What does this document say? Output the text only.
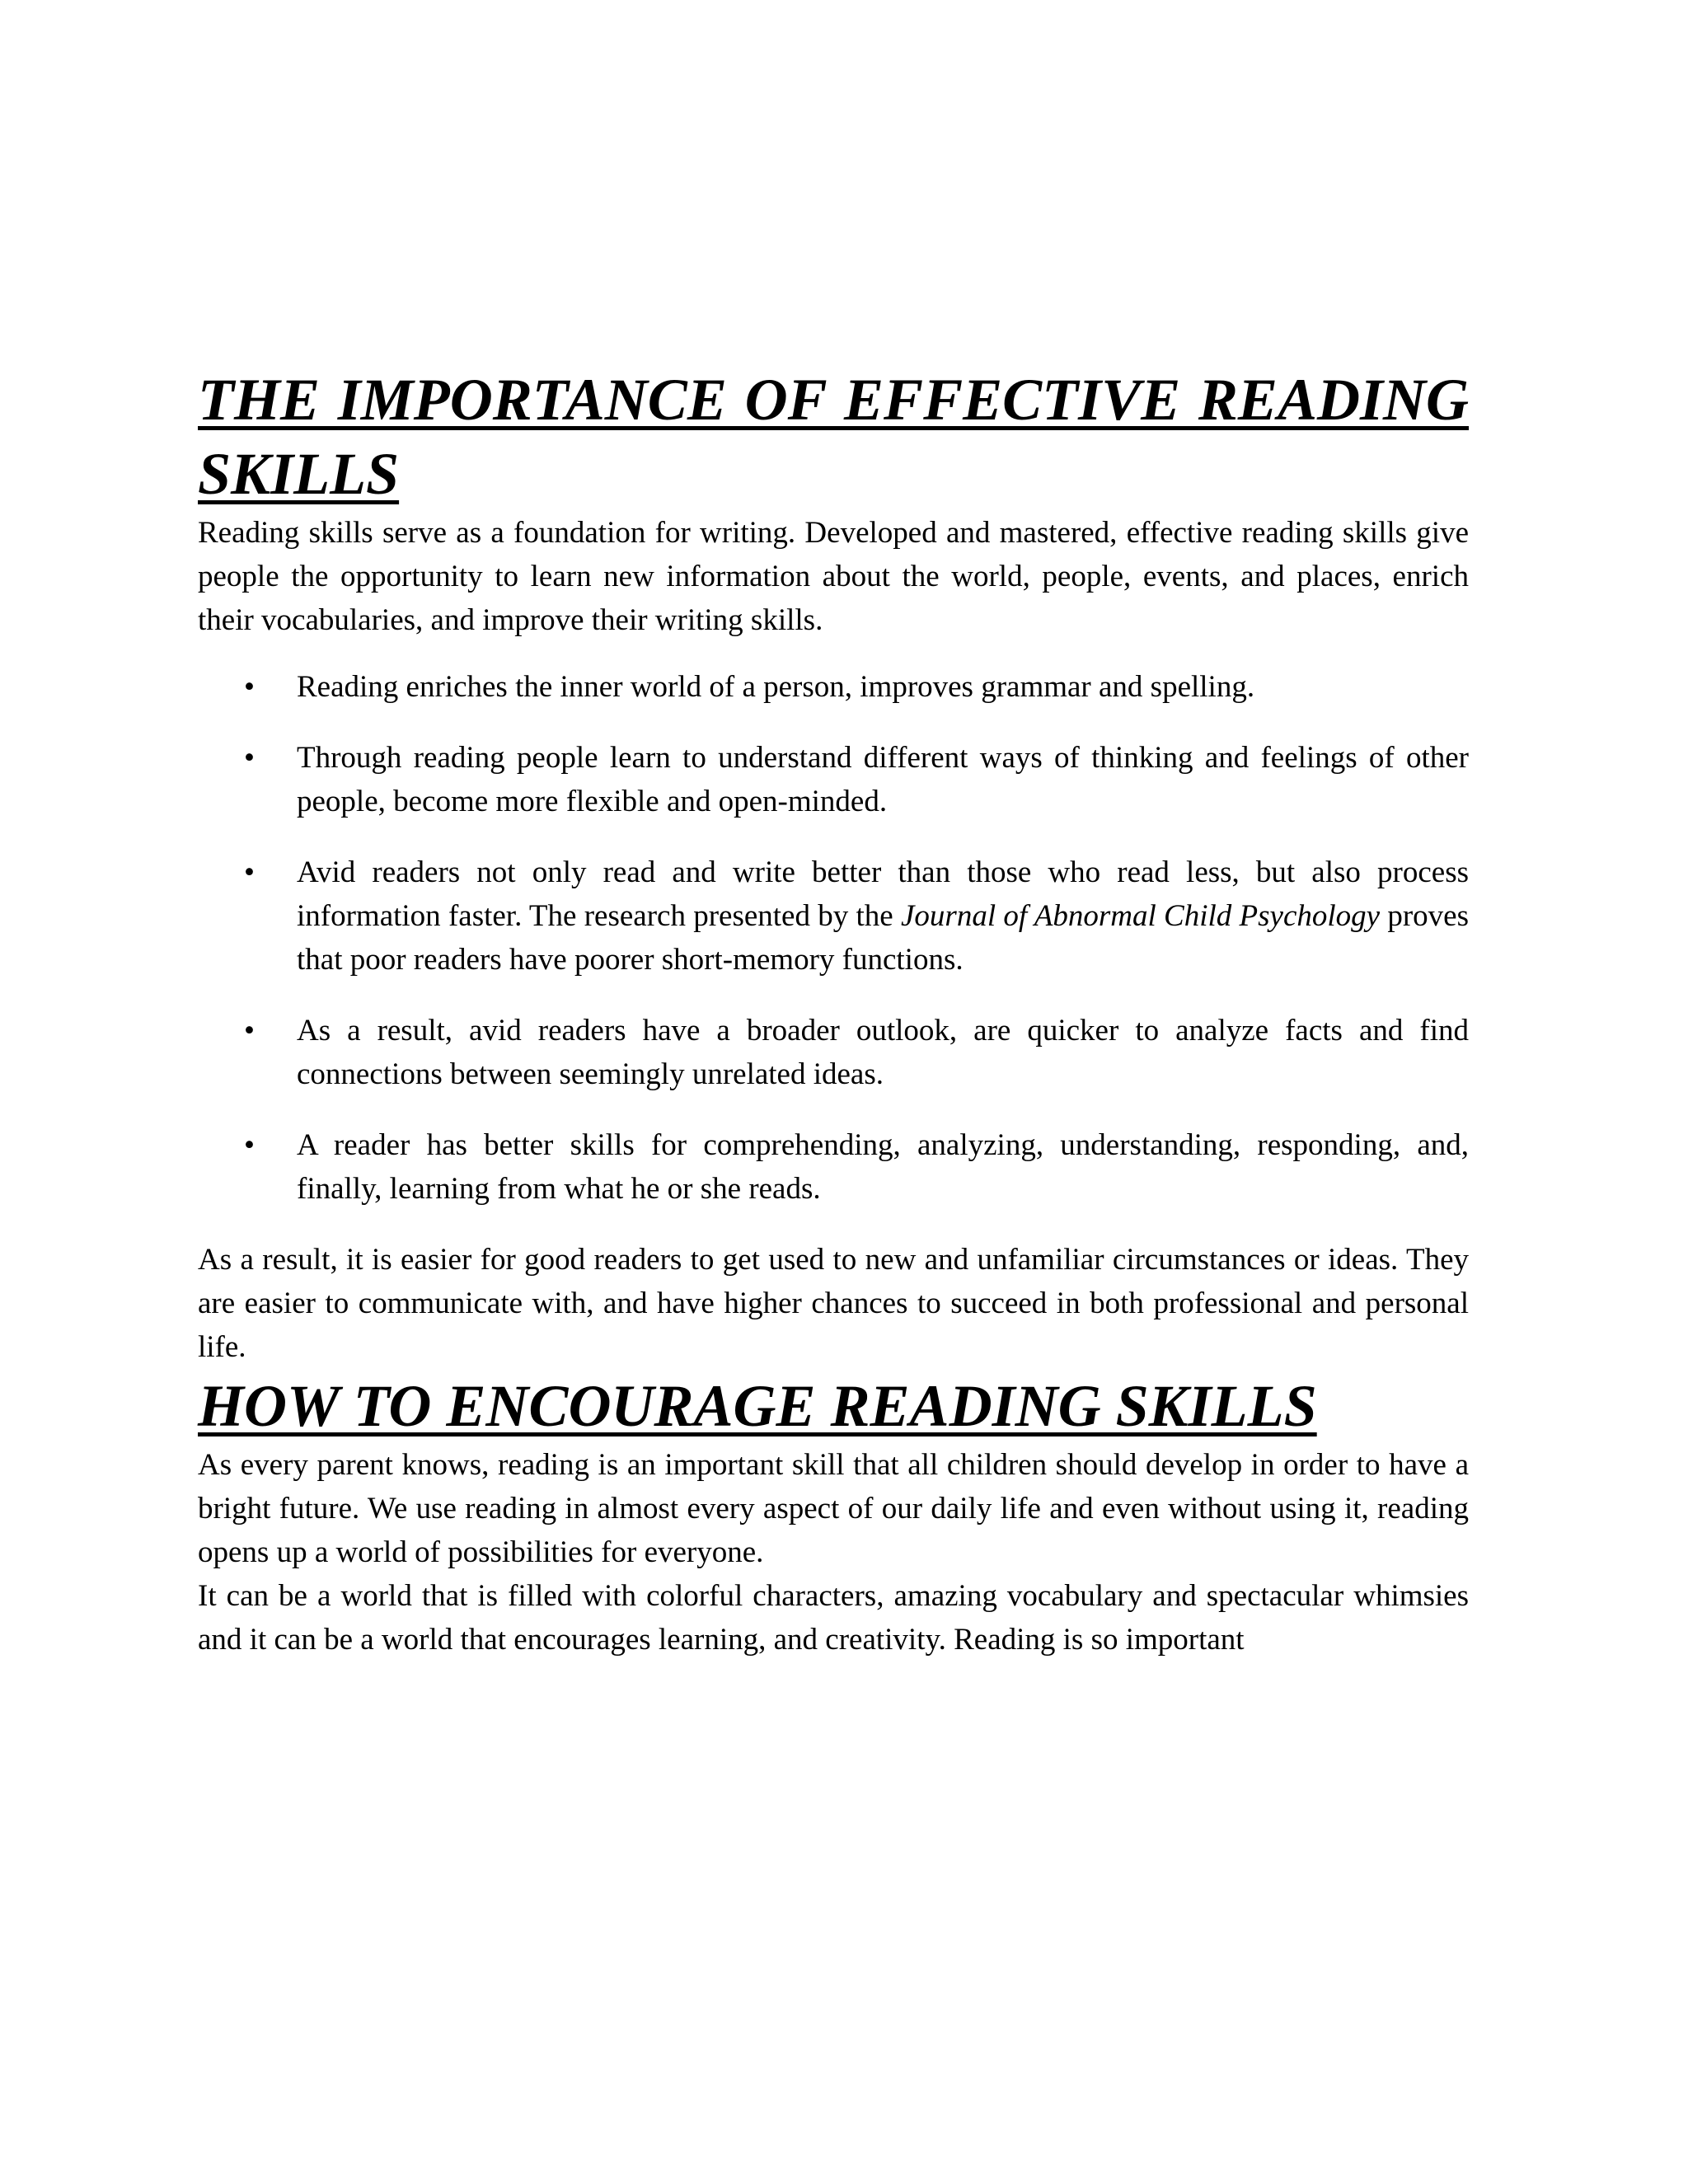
THE IMPORTANCE OF EFFECTIVE READING SKILLS

Reading skills serve as a foundation for writing. Developed and mastered, effective reading skills give people the opportunity to learn new information about the world, people, events, and places, enrich their vocabularies, and improve their writing skills.

• Reading enriches the inner world of a person, improves grammar and spelling.
• Through reading people learn to understand different ways of thinking and feelings of other people, become more flexible and open-minded.
• Avid readers not only read and write better than those who read less, but also process information faster. The research presented by the Journal of Abnormal Child Psychology proves that poor readers have poorer short-memory functions.
• As a result, avid readers have a broader outlook, are quicker to analyze facts and find connections between seemingly unrelated ideas.
• A reader has better skills for comprehending, analyzing, understanding, responding, and, finally, learning from what he or she reads.

As a result, it is easier for good readers to get used to new and unfamiliar circumstances or ideas. They are easier to communicate with, and have higher chances to succeed in both professional and personal life.

HOW TO ENCOURAGE READING SKILLS

As every parent knows, reading is an important skill that all children should develop in order to have a bright future. We use reading in almost every aspect of our daily life and even without using it, reading opens up a world of possibilities for everyone.

It can be a world that is filled with colorful characters, amazing vocabulary and spectacular whimsies and it can be a world that encourages learning, and creativity. Reading is so important
